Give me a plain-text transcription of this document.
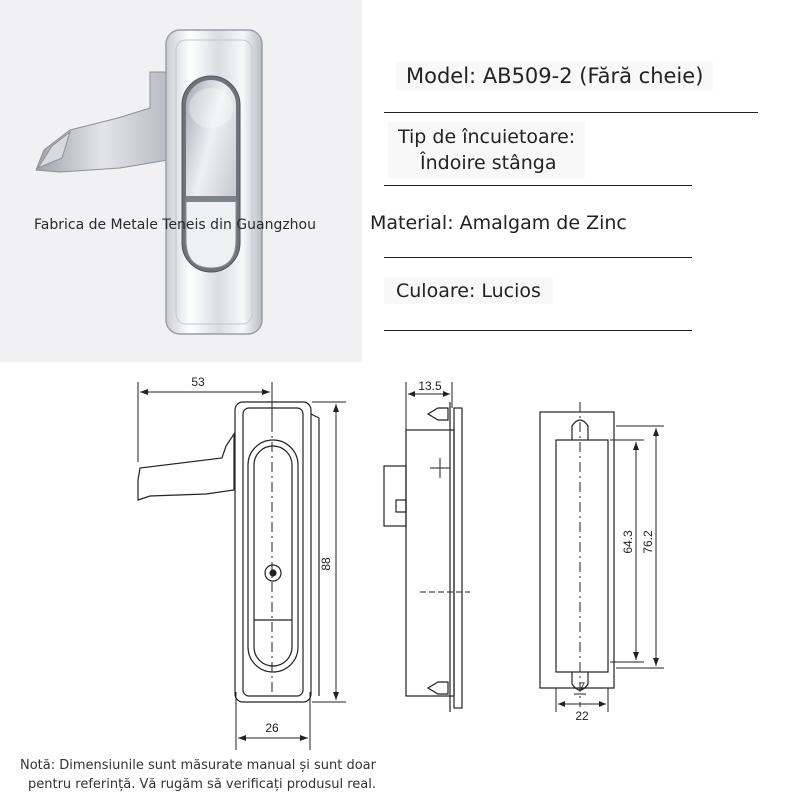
Fabrica de Metale Teneis din Guangzhou
Model: AB509-2 (Fără cheie)
Tip de încuietoare:
Îndoire stânga
Material: Amalgam de Zinc
Culoare: Lucios
53
26
88
13.5
64.3 76.2
7
22
Notă: Dimensiunile sunt măsurate manual și sunt doar
pentru referință. Vă rugăm să verificați produsul real.
